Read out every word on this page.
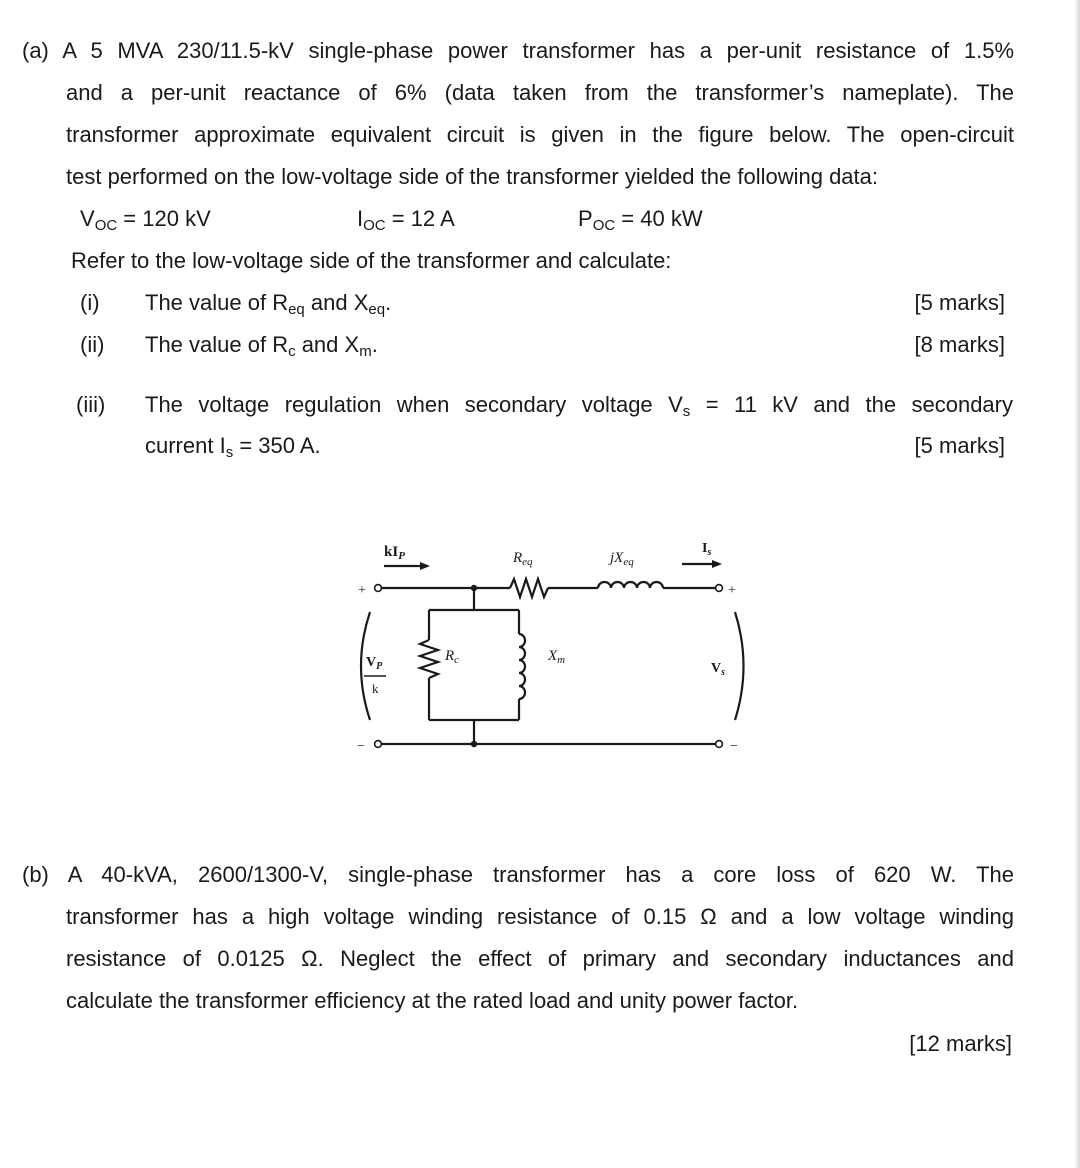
(a) A 5 MVA 230/11.5-kV single-phase power transformer has a per-unit resistance of 1.5%
and a per-unit reactance of 6% (data taken from the transformer’s nameplate). The
transformer approximate equivalent circuit is given in the figure below. The open-circuit
test performed on the low-voltage side of the transformer yielded the following data:
$V_{OC} = 120$ kV	$I_{OC} = 12$ A	$P_{OC} = 40$ kW
Refer to the low-voltage side of the transformer and calculate:
(i) The value of $R_{eq}$ and $X_{eq}$.	[5 marks]
(ii) The value of $R_c$ and $X_m$.	[8 marks]
(iii) The voltage regulation when secondary voltage $V_s = 11$ kV and the secondary
current $I_s = 350$ A.	[5 marks]
$kI_P$	$R_{eq}$	$jX_{eq}$
$I_s$
+
−
+
−
$V_P$
k
$R_c$	$X_m$
$V_s$
(b) A 40-kVA, 2600/1300-V, single-phase transformer has a core loss of 620 W. The
transformer has a high voltage winding resistance of 0.15 Ω and a low voltage winding
resistance of 0.0125 Ω. Neglect the effect of primary and secondary inductances and
calculate the transformer efficiency at the rated load and unity power factor.
[12 marks]
